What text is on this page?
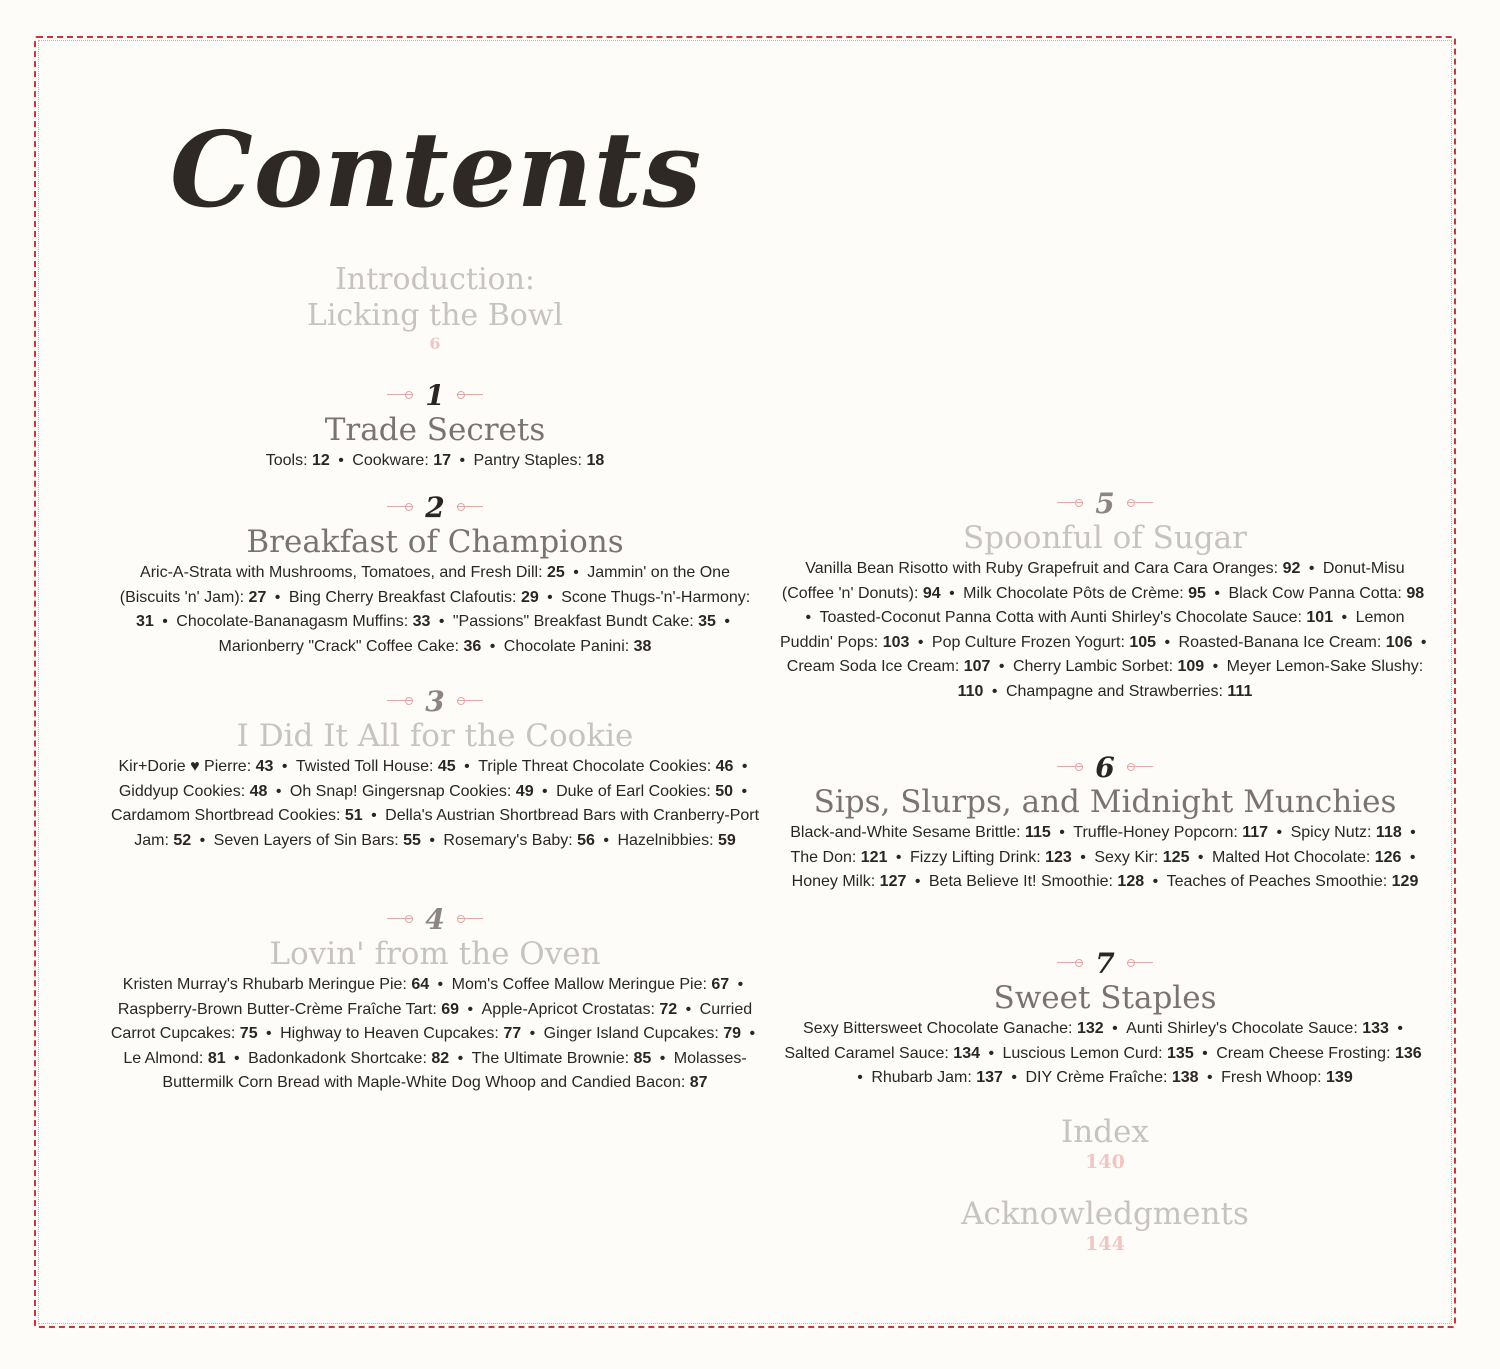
Contents
Introduction:
Licking the Bowl
6
1
Trade Secrets
Tools: 12 • Cookware: 17 • Pantry Staples: 18
2
Breakfast of Champions
Aric-A-Strata with Mushrooms, Tomatoes, and Fresh Dill: 25 • Jammin' on the One (Biscuits 'n' Jam): 27 • Bing Cherry Breakfast Clafoutis: 29 • Scone Thugs-'n'-Harmony: 31 • Chocolate-Bananagasm Muffins: 33 • "Passions" Breakfast Bundt Cake: 35 • Marionberry "Crack" Coffee Cake: 36 • Chocolate Panini: 38
3
I Did It All for the Cookie
Kir+Dorie ♥ Pierre: 43 • Twisted Toll House: 45 • Triple Threat Chocolate Cookies: 46 • Giddyup Cookies: 48 • Oh Snap! Gingersnap Cookies: 49 • Duke of Earl Cookies: 50 • Cardamom Shortbread Cookies: 51 • Della's Austrian Shortbread Bars with Cranberry-Port Jam: 52 • Seven Layers of Sin Bars: 55 • Rosemary's Baby: 56 • Hazelnibbies: 59
4
Lovin' from the Oven
Kristen Murray's Rhubarb Meringue Pie: 64 • Mom's Coffee Mallow Meringue Pie: 67 • Raspberry-Brown Butter-Crème Fraîche Tart: 69 • Apple-Apricot Crostatas: 72 • Curried Carrot Cupcakes: 75 • Highway to Heaven Cupcakes: 77 • Ginger Island Cupcakes: 79 • Le Almond: 81 • Badonkadonk Shortcake: 82 • The Ultimate Brownie: 85 • Molasses-Buttermilk Corn Bread with Maple-White Dog Whoop and Candied Bacon: 87
5
Spoonful of Sugar
Vanilla Bean Risotto with Ruby Grapefruit and Cara Cara Oranges: 92 • Donut-Misu (Coffee 'n' Donuts): 94 • Milk Chocolate Pôts de Crème: 95 • Black Cow Panna Cotta: 98 • Toasted-Coconut Panna Cotta with Aunti Shirley's Chocolate Sauce: 101 • Lemon Puddin' Pops: 103 • Pop Culture Frozen Yogurt: 105 • Roasted-Banana Ice Cream: 106 • Cream Soda Ice Cream: 107 • Cherry Lambic Sorbet: 109 • Meyer Lemon-Sake Slushy: 110 • Champagne and Strawberries: 111
6
Sips, Slurps, and Midnight Munchies
Black-and-White Sesame Brittle: 115 • Truffle-Honey Popcorn: 117 • Spicy Nutz: 118 • The Don: 121 • Fizzy Lifting Drink: 123 • Sexy Kir: 125 • Malted Hot Chocolate: 126 • Honey Milk: 127 • Beta Believe It! Smoothie: 128 • Teaches of Peaches Smoothie: 129
7
Sweet Staples
Sexy Bittersweet Chocolate Ganache: 132 • Aunti Shirley's Chocolate Sauce: 133 • Salted Caramel Sauce: 134 • Luscious Lemon Curd: 135 • Cream Cheese Frosting: 136 • Rhubarb Jam: 137 • DIY Crème Fraîche: 138 • Fresh Whoop: 139
Index
140
Acknowledgments
144
